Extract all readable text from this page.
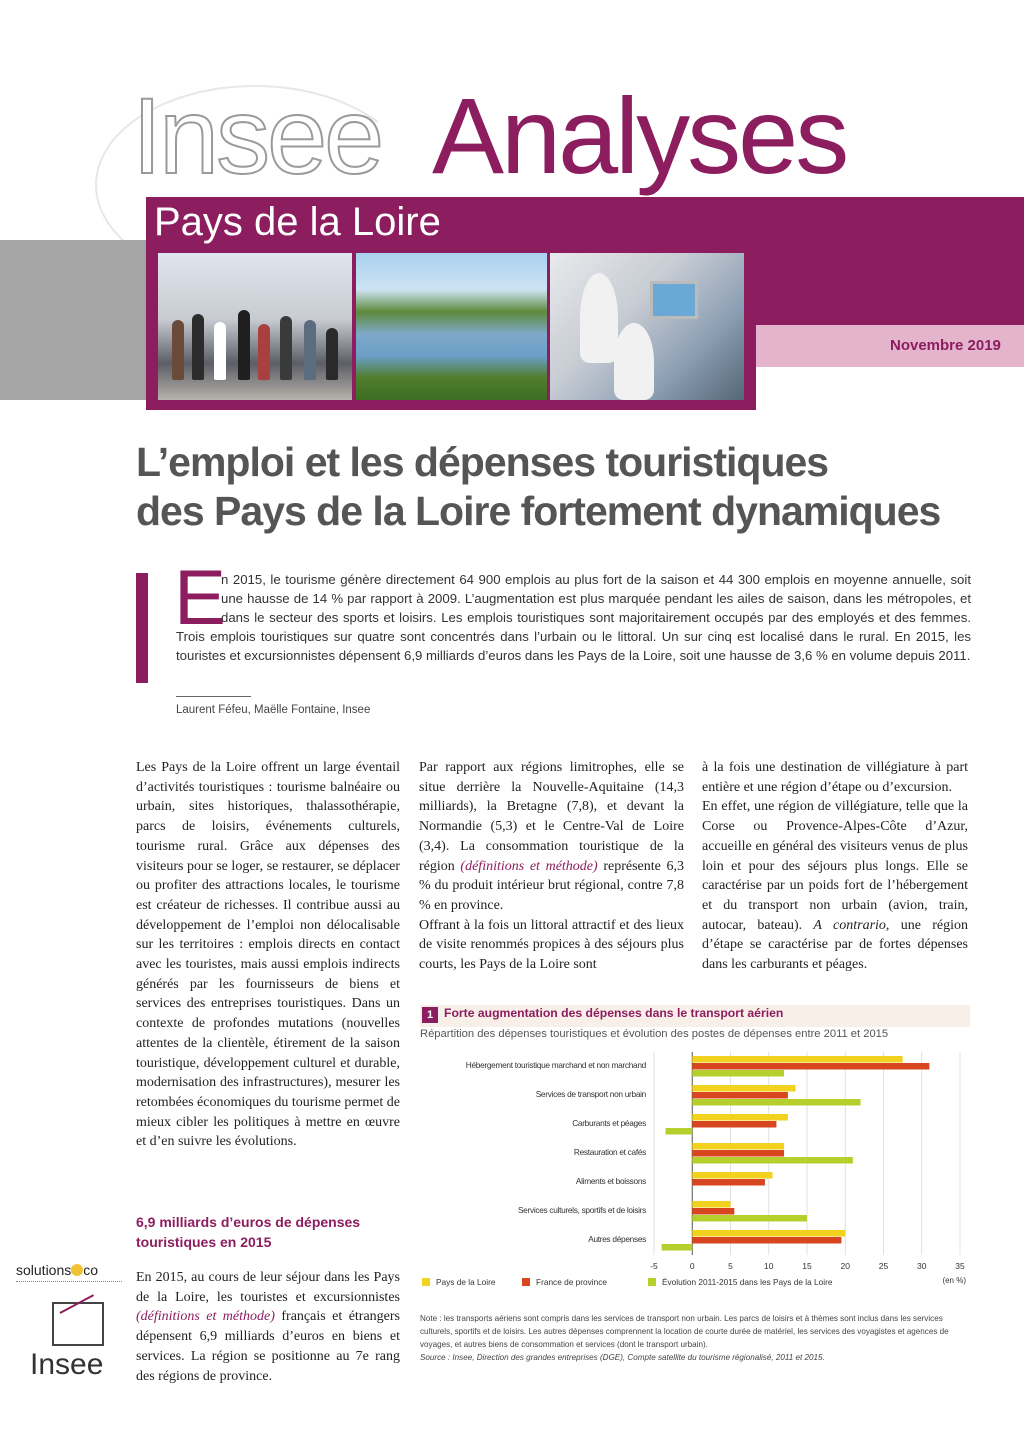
Insee Analyses
Pays de la Loire
N° 78
Novembre 2019
L’emploi et les dépenses touristiques
des Pays de la Loire fortement dynamiques
E
n 2015, le tourisme génère directement 64 900 emplois au plus fort de la saison et 44 300 emplois en moyenne annuelle, soit une hausse de 14 % par rapport à 2009. L’augmentation est plus marquée pendant les ailes de saison, dans les métropoles, et dans le secteur des sports et loisirs. Les emplois touristiques sont majoritairement occupés par des employés et des femmes. Trois emplois touristiques sur quatre sont concentrés dans l’urbain ou le littoral. Un sur cinq est localisé dans le rural. En 2015, les touristes et excursionnistes dépensent 6,9 milliards d’euros dans les Pays de la Loire, soit une hausse de 3,6 % en volume depuis 2011.
Laurent Féfeu, Maëlle Fontaine, Insee

Les Pays de la Loire offrent un large éventail d’activités touristiques : tourisme balnéaire ou urbain, sites historiques, thalassothérapie, parcs de loisirs, événements culturels, tourisme rural. Grâce aux dépenses des visiteurs pour se loger, se restaurer, se déplacer ou profiter des attractions locales, le tourisme est créateur de richesses. Il contribue aussi au développement de l’emploi non délocalisable sur les territoires : emplois directs en contact avec les touristes, mais aussi emplois indirects générés par les fournisseurs de biens et services des entreprises touristiques. Dans un contexte de profondes mutations (nouvelles attentes de la clientèle, étirement de la saison touristique, développement culturel et durable, modernisation des infrastructures), mesurer les retombées économiques du tourisme permet de mieux cibler les politiques à mettre en œuvre et d’en suivre les évolutions.

6,9 milliards d’euros de dépenses touristiques en 2015

En 2015, au cours de leur séjour dans les Pays de la Loire, les touristes et excursionnistes (définitions et méthode) français et étrangers dépensent 6,9 milliards d’euros en biens et services. La région se positionne au 7e rang des régions de province.

Par rapport aux régions limitrophes, elle se situe derrière la Nouvelle-Aquitaine (14,3 milliards), la Bretagne (7,8), et devant la Normandie (5,3) et le Centre-Val de Loire (3,4). La consommation touristique de la région (définitions et méthode) représente 6,3 % du produit intérieur brut régional, contre 7,8 % en province.

Offrant à la fois un littoral attractif et des lieux de visite renommés propices à des séjours plus courts, les Pays de la Loire sont

à la fois une destination de villégiature à part entière et une région d’étape ou d’excursion.

En effet, une région de villégiature, telle que la Corse ou Provence-Alpes-Côte d’Azur, accueille en général des visiteurs venus de plus loin et pour des séjours plus longs. Elle se caractérise par un poids fort de l’hébergement et du transport non urbain (avion, train, autocar, bateau). A contrario, une région d’étape se caractérise par de fortes dépenses dans les carburants et péages.

solutions co
Insee
1 Forte augmentation des dépenses dans le transport aérien
Répartition des dépenses touristiques et évolution des postes de dépenses entre 2011 et 2015
-5	0	5	10	15	20	25	30	35
(en %)
Hébergement touristique marchand et non marchand
Services de transport non urbain
Carburants et péages
Restauration et cafés
Aliments et boissons
Services culturels, sportifs et de loisirs
Autres dépenses
Pays de la Loire	France de province	Évolution 2011-2015 dans les Pays de la Loire
Note : les transports aériens sont compris dans les services de transport non urbain. Les parcs de loisirs et à thèmes sont inclus dans les services culturels, sportifs et de loisirs. Les autres dépenses comprennent la location de courte durée de matériel, les services des voyagistes et agences de voyages, et autres biens de consommation et services (dont le transport urbain).
Source : Insee, Direction des grandes entreprises (DGE), Compte satellite du tourisme régionalisé, 2011 et 2015.
